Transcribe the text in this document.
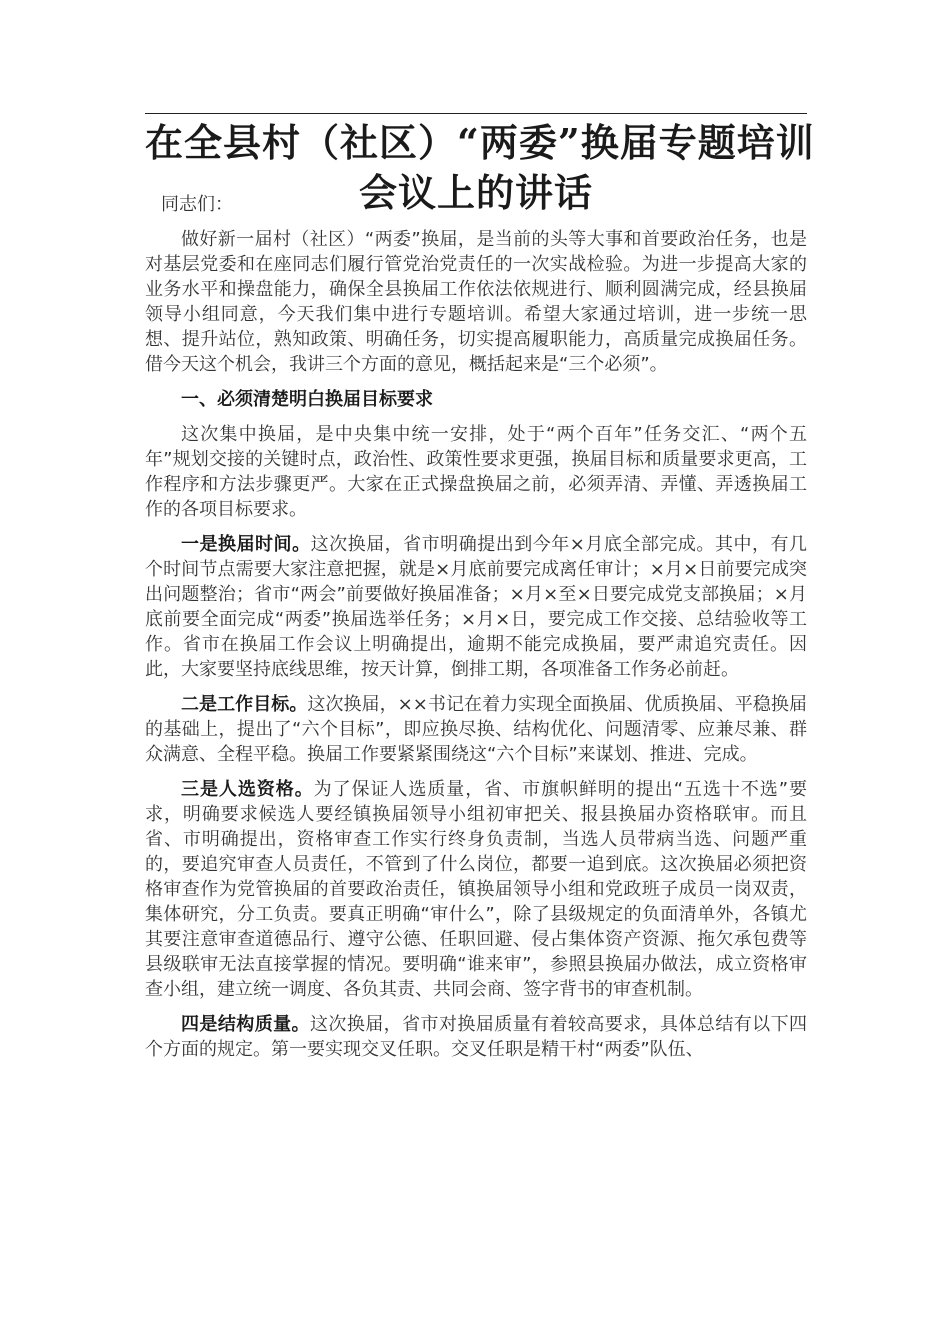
在全县村（社区）“两委”换届专题培训
会议上的讲话

同志们：

做好新一届村（社区）“两委”换届，是当前的头等大事和首要政治任务，也是对基层党委和在座同志们履行管党治党责任的一次实战检验。为进一步提高大家的业务水平和操盘能力，确保全县换届工作依法依规进行、顺利圆满完成，经县换届领导小组同意，今天我们集中进行专题培训。希望大家通过培训，进一步统一思想、提升站位，熟知政策、明确任务，切实提高履职能力，高质量完成换届任务。借今天这个机会，我讲三个方面的意见，概括起来是“三个必须”。

一、必须清楚明白换届目标要求

这次集中换届，是中央集中统一安排，处于“两个百年”任务交汇、“两个五年”规划交接的关键时点，政治性、政策性要求更强，换届目标和质量要求更高，工作程序和方法步骤更严。大家在正式操盘换届之前，必须弄清、弄懂、弄透换届工作的各项目标要求。

一是换届时间。这次换届，省市明确提出到今年×月底全部完成。其中，有几个时间节点需要大家注意把握，就是×月底前要完成离任审计；×月×日前要完成突出问题整治；省市“两会”前要做好换届准备；×月×至×日要完成党支部换届；×月底前要全面完成“两委”换届选举任务；×月×日，要完成工作交接、总结验收等工作。省市在换届工作会议上明确提出，逾期不能完成换届，要严肃追究责任。因此，大家要坚持底线思维，按天计算，倒排工期，各项准备工作务必前赶。

二是工作目标。这次换届，××书记在着力实现全面换届、优质换届、平稳换届的基础上，提出了“六个目标”，即应换尽换、结构优化、问题清零、应兼尽兼、群众满意、全程平稳。换届工作要紧紧围绕这“六个目标”来谋划、推进、完成。

三是人选资格。为了保证人选质量，省、市旗帜鲜明的提出“五选十不选”要求，明确要求候选人要经镇换届领导小组初审把关、报县换届办资格联审。而且省、市明确提出，资格审查工作实行终身负责制，当选人员带病当选、问题严重的，要追究审查人员责任，不管到了什么岗位，都要一追到底。这次换届必须把资格审查作为党管换届的首要政治责任，镇换届领导小组和党政班子成员一岗双责，集体研究，分工负责。要真正明确“审什么”，除了县级规定的负面清单外，各镇尤其要注意审查道德品行、遵守公德、任职回避、侵占集体资产资源、拖欠承包费等县级联审无法直接掌握的情况。要明确“谁来审”，参照县换届办做法，成立资格审查小组，建立统一调度、各负其责、共同会商、签字背书的审查机制。

四是结构质量。这次换届，省市对换届质量有着较高要求，具体总结有以下四个方面的规定。第一要实现交叉任职。交叉任职是精干村“两委”队伍、
